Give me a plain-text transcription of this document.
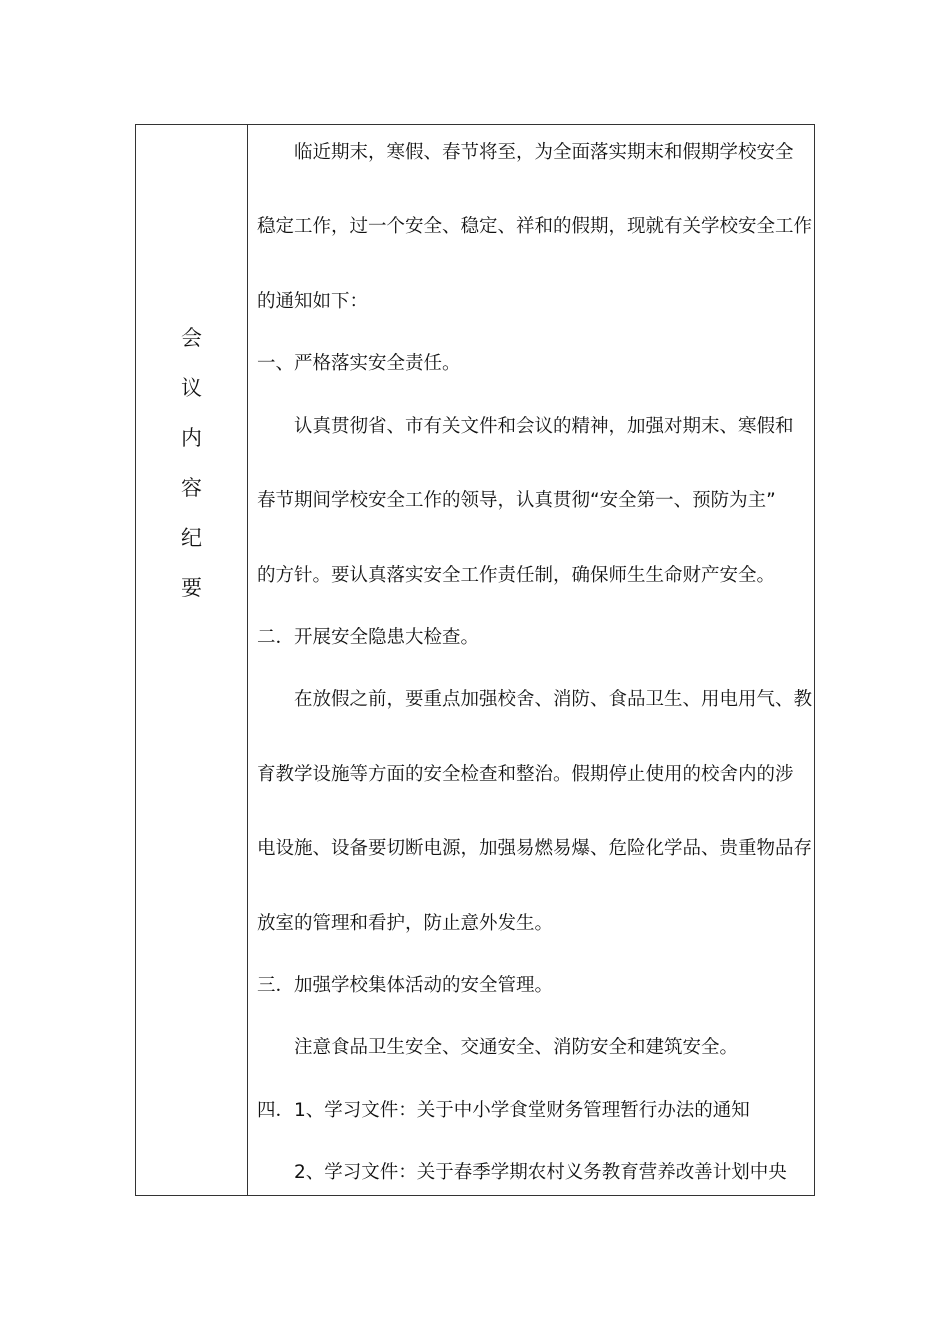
会
议
内
容
纪
要
临近期末，寒假、春节将至，为全面落实期末和假期学校安全
稳定工作，过一个安全、稳定、祥和的假期，现就有关学校安全工作
的通知如下：
一、严格落实安全责任。
认真贯彻省、市有关文件和会议的精神，加强对期末、寒假和
春节期间学校安全工作的领导，认真贯彻“安全第一、预防为主”
的方针。要认真落实安全工作责任制，确保师生生命财产安全。
二．开展安全隐患大检查。
在放假之前，要重点加强校舍、消防、食品卫生、用电用气、教
育教学设施等方面的安全检查和整治。假期停止使用的校舍内的涉
电设施、设备要切断电源，加强易燃易爆、危险化学品、贵重物品存
放室的管理和看护，防止意外发生。
三．加强学校集体活动的安全管理。
注意食品卫生安全、交通安全、消防安全和建筑安全。
四．1、学习文件：关于中小学食堂财务管理暂行办法的通知
2、学习文件：关于春季学期农村义务教育营养改善计划中央
